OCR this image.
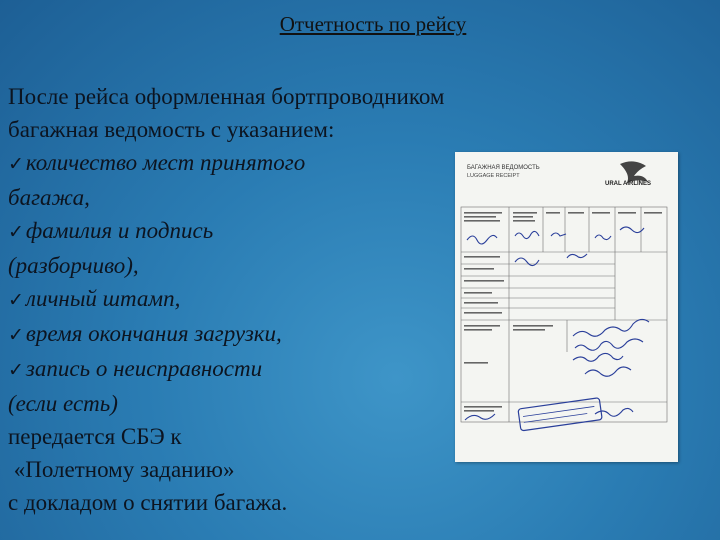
Отчетность по рейсу
После рейса оформленная бортпроводником
багажная ведомость с указанием:
✓количество мест принятого
багажа,
✓фамилия и подпись
(разборчиво),
✓личный штамп,
✓время окончания загрузки,
✓запись о неисправности
(если есть)
передается СБЭ к
«Полетному заданию»
с докладом о снятии багажа.
БАГАЖНАЯ ВЕДОМОСТЬ
LUGGAGE RECEIPT
URAL AIRLINES
